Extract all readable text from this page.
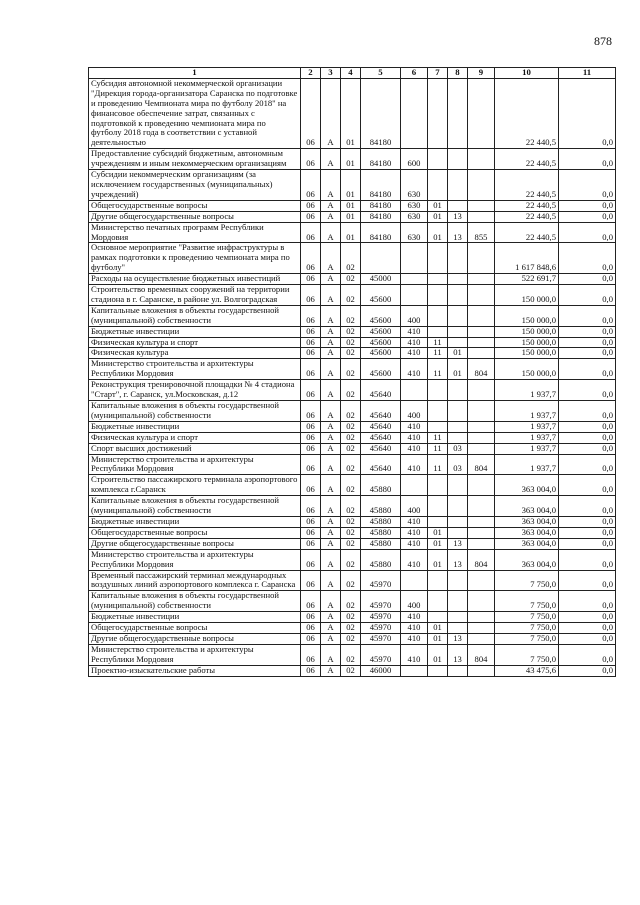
878
1	2	3	4	5	6	7	8	9	10	11
Субсидия автономной некоммерческой организации "Дирекция города-организатора Саранска по подготовке и проведению Чемпионата мира по футболу 2018" на финансовое обеспечение затрат, связанных с подготовкой к проведению чемпионата мира по футболу 2018 года в соответствии с уставной деятельностью	06	А	01	84180					22 440,5	0,0
Предоставление субсидий бюджетным, автономным учреждениям и иным некоммерческим организациям	06	А	01	84180	600				22 440,5	0,0
Субсидии некоммерческим организациям (за исключением государственных (муниципальных) учреждений)	06	А	01	84180	630				22 440,5	0,0
Общегосударственные вопросы	06	А	01	84180	630	01			22 440,5	0,0
Другие общегосударственные вопросы	06	А	01	84180	630	01	13		22 440,5	0,0
Министерство печатных программ Республики Мордовия	06	А	01	84180	630	01	13	855	22 440,5	0,0
Основное мероприятие "Развитие инфраструктуры в рамках подготовки к проведению чемпионата мира по футболу"	06	А	02						1 617 848,6	0,0
Расходы на осуществление бюджетных инвестиций	06	А	02	45000					522 691,7	0,0
Строительство временных сооружений на территории стадиона в г. Саранске, в районе ул. Волгоградская	06	А	02	45600					150 000,0	0,0
Капитальные вложения в объекты государственной (муниципальной) собственности	06	А	02	45600	400				150 000,0	0,0
Бюджетные инвестиции	06	А	02	45600	410				150 000,0	0,0
Физическая культура и спорт	06	А	02	45600	410	11			150 000,0	0,0
Физическая культура	06	А	02	45600	410	11	01		150 000,0	0,0
Министерство строительства и архитектуры Республики Мордовия	06	А	02	45600	410	11	01	804	150 000,0	0,0
Реконструкция тренировочной площадки № 4 стадиона "Старт", г. Саранск, ул.Московская, д.12	06	А	02	45640					1 937,7	0,0
Капитальные вложения в объекты государственной (муниципальной) собственности	06	А	02	45640	400				1 937,7	0,0
Бюджетные инвестиции	06	А	02	45640	410				1 937,7	0,0
Физическая культура и спорт	06	А	02	45640	410	11			1 937,7	0,0
Спорт высших достижений	06	А	02	45640	410	11	03		1 937,7	0,0
Министерство строительства и архитектуры Республики Мордовия	06	А	02	45640	410	11	03	804	1 937,7	0,0
Строительство пассажирского терминала аэропортового комплекса г.Саранск	06	А	02	45880					363 004,0	0,0
Капитальные вложения в объекты государственной (муниципальной) собственности	06	А	02	45880	400				363 004,0	0,0
Бюджетные инвестиции	06	А	02	45880	410				363 004,0	0,0
Общегосударственные вопросы	06	А	02	45880	410	01			363 004,0	0,0
Другие общегосударственные вопросы	06	А	02	45880	410	01	13		363 004,0	0,0
Министерство строительства и архитектуры Республики Мордовия	06	А	02	45880	410	01	13	804	363 004,0	0,0
Временный пассажирский терминал международных воздушных линий аэропортового комплекса г. Саранска	06	А	02	45970					7 750,0	0,0
Капитальные вложения в объекты государственной (муниципальной) собственности	06	А	02	45970	400				7 750,0	0,0
Бюджетные инвестиции	06	А	02	45970	410				7 750,0	0,0
Общегосударственные вопросы	06	А	02	45970	410	01			7 750,0	0,0
Другие общегосударственные вопросы	06	А	02	45970	410	01	13		7 750,0	0,0
Министерство строительства и архитектуры Республики Мордовия	06	А	02	45970	410	01	13	804	7 750,0	0,0
Проектно-изыскательские работы	06	А	02	46000					43 475,6	0,0
